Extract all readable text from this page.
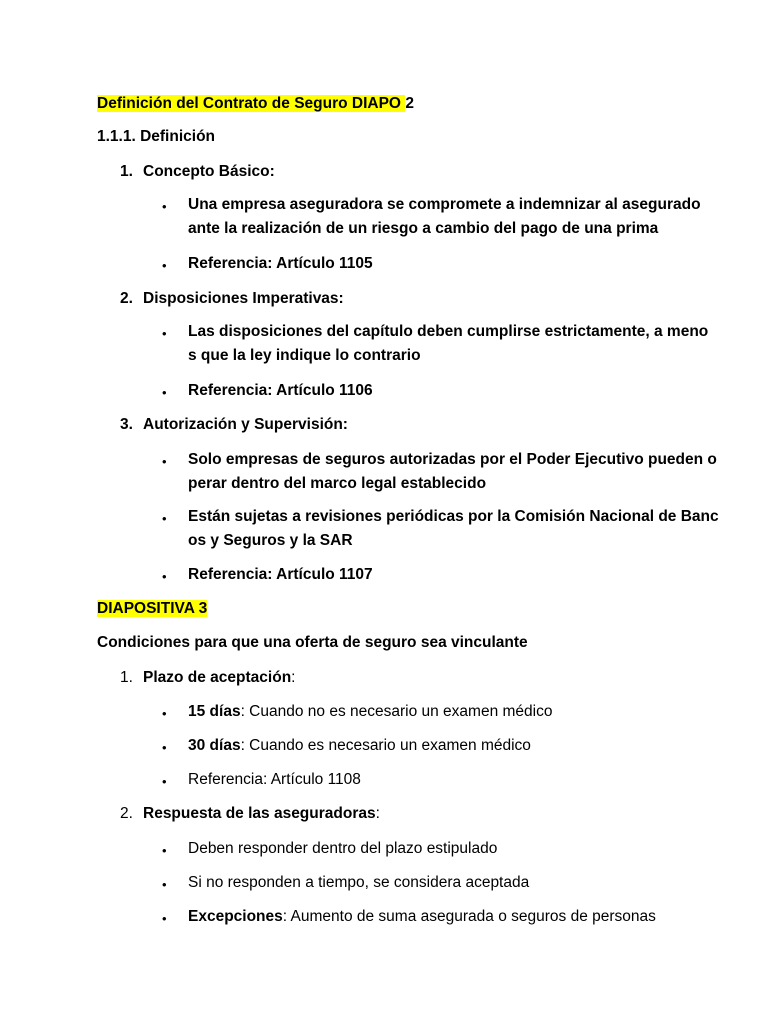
Definición del Contrato de Seguro DIAPO 2
1.1.1. Definición
1. Concepto Básico:
• Una empresa aseguradora se compromete a indemnizar al asegurado
ante la realización de un riesgo a cambio del pago de una prima
• Referencia: Artículo 1105
2. Disposiciones Imperativas:
• Las disposiciones del capítulo deben cumplirse estrictamente, a meno
s que la ley indique lo contrario
• Referencia: Artículo 1106
3. Autorización y Supervisión:
• Solo empresas de seguros autorizadas por el Poder Ejecutivo pueden o
perar dentro del marco legal establecido
• Están sujetas a revisiones periódicas por la Comisión Nacional de Banc
os y Seguros y la SAR
• Referencia: Artículo 1107
DIAPOSITIVA 3
Condiciones para que una oferta de seguro sea vinculante
1. Plazo de aceptación:
• 15 días: Cuando no es necesario un examen médico
• 30 días: Cuando es necesario un examen médico
• Referencia: Artículo 1108
2. Respuesta de las aseguradoras:
• Deben responder dentro del plazo estipulado
• Si no responden a tiempo, se considera aceptada
• Excepciones: Aumento de suma asegurada o seguros de personas
